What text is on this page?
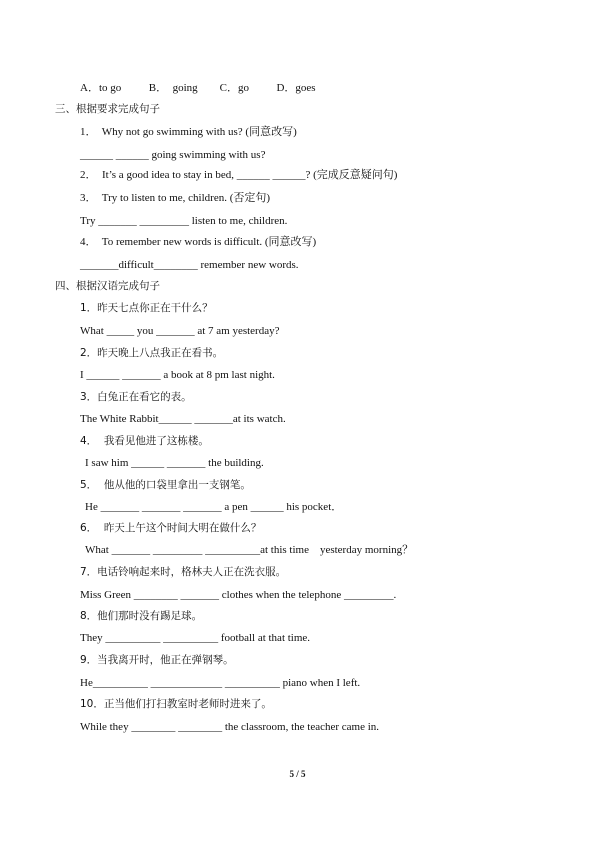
A．to go          B．  going        C．go          D．goes
三、根据要求完成句子
1．  Why not go swimming with us? (同意改写)
______ ______ going swimming with us?
2．  It’s a good idea to stay in bed, ______ ______? (完成反意疑问句)
3．  Try to listen to me, children. (否定句)
Try _______ _________ listen to me, children.
4．  To remember new words is difficult. (同意改写)
_______difficult________ remember new words.
四、根据汉语完成句子
1．昨天七点你正在干什么？
What _____ you _______ at 7 am yesterday?
2．昨天晚上八点我正在看书。
I ______ _______ a book at 8 pm last night.
3．白兔正在看它的表。
The White Rabbit______ _______at its watch.
4．  我看见他进了这栋楼。
I saw him ______ _______ the building.
5．  他从他的口袋里拿出一支钢笔。
He _______ _______ _______ a pen ______ his pocket．
6．  昨天上午这个时间大明在做什么？
What _______ _________ __________at this time    yesterday morning？
7．电话铃响起来时，格林夫人正在洗衣服。
Miss Green ________ _______ clothes when the telephone _________.
8．他们那时没有踢足球。
They __________ __________ football at that time.
9．当我离开时，他正在弹钢琴。
He__________ _____________ __________ piano when I left.
10．正当他们打扫教室时老师时进来了。
While they ________ ________ the classroom, the teacher came in.
5 / 5
